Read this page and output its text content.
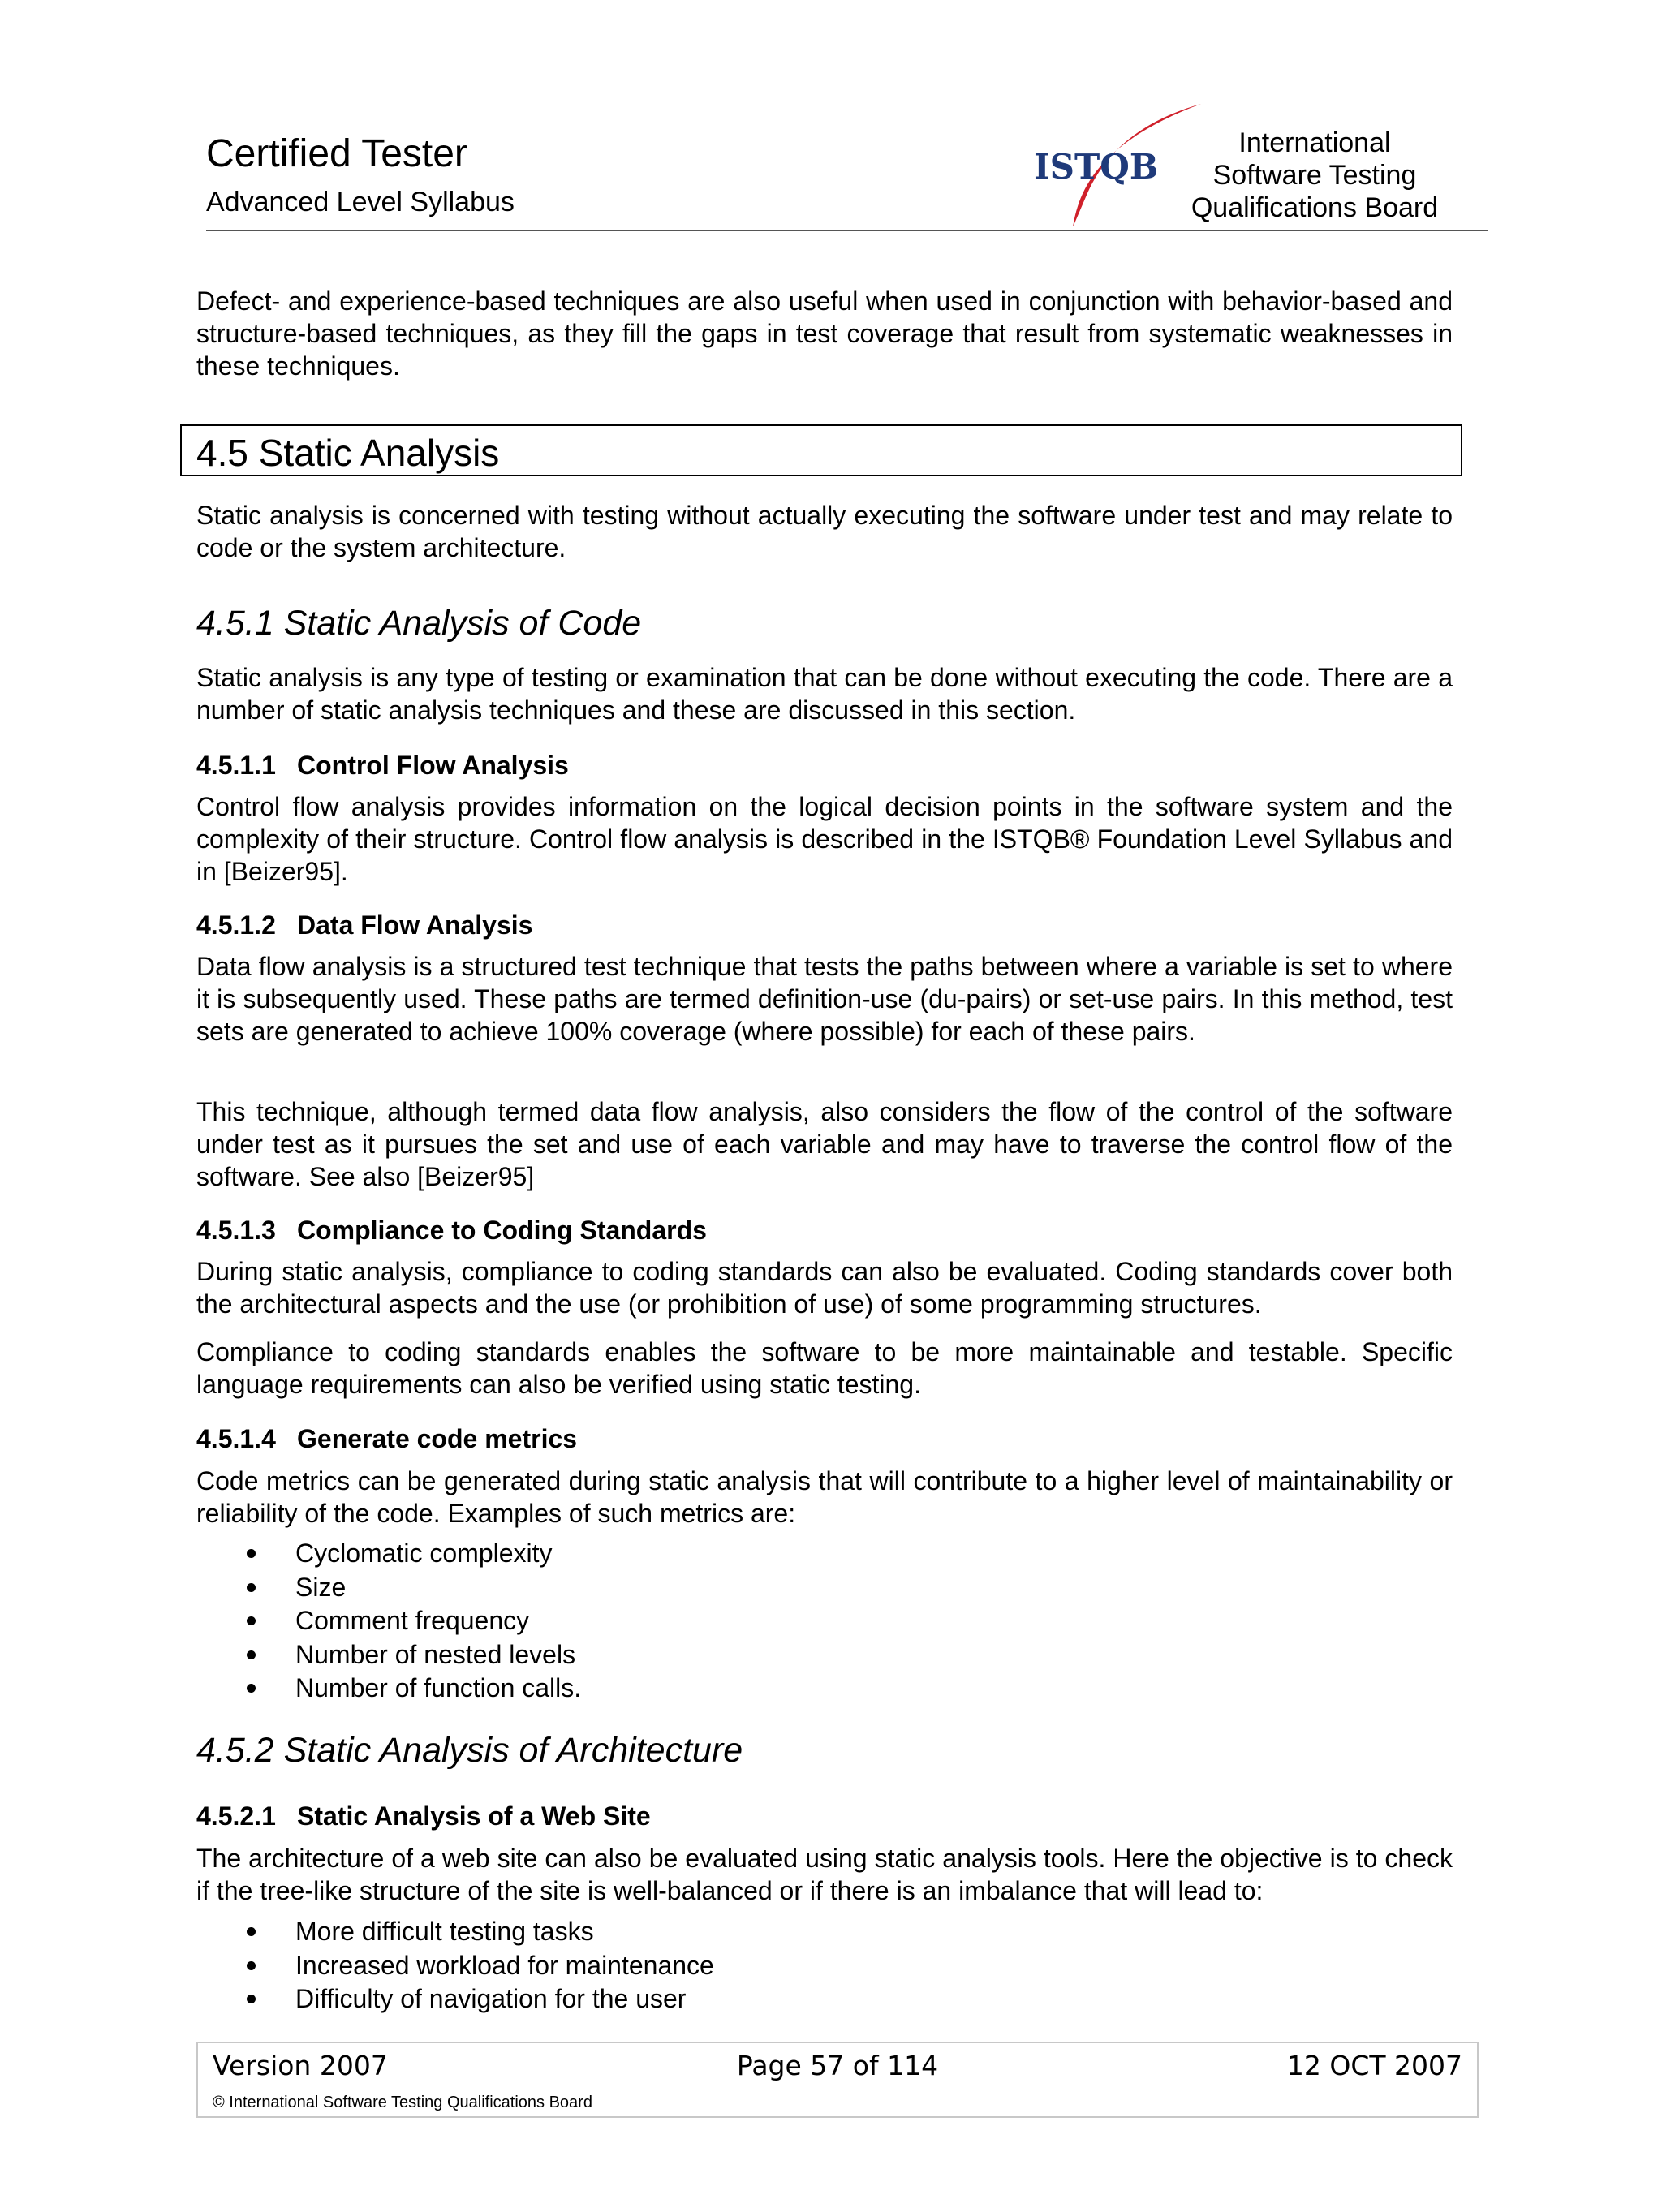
Certified Tester
Advanced Level Syllabus
ISTQB
International
Software Testing
Qualifications Board
Defect- and experience-based techniques are also useful when used in conjunction with behavior-based and structure-based techniques, as they fill the gaps in test coverage that result from systematic weaknesses in these techniques.
4.5 Static Analysis
Static analysis is concerned with testing without actually executing the software under test and may relate to code or the system architecture.
4.5.1 Static Analysis of Code
Static analysis is any type of testing or examination that can be done without executing the code. There are a number of static analysis techniques and these are discussed in this section.
4.5.1.1 Control Flow Analysis
Control flow analysis provides information on the logical decision points in the software system and the complexity of their structure. Control flow analysis is described in the ISTQB® Foundation Level Syllabus and in [Beizer95].
4.5.1.2 Data Flow Analysis
Data flow analysis is a structured test technique that tests the paths between where a variable is set to where it is subsequently used. These paths are termed definition-use (du-pairs) or set-use pairs. In this method, test sets are generated to achieve 100% coverage (where possible) for each of these pairs.
This technique, although termed data flow analysis, also considers the flow of the control of the software under test as it pursues the set and use of each variable and may have to traverse the control flow of the software. See also [Beizer95]
4.5.1.3 Compliance to Coding Standards
During static analysis, compliance to coding standards can also be evaluated. Coding standards cover both the architectural aspects and the use (or prohibition of use) of some programming structures.
Compliance to coding standards enables the software to be more maintainable and testable. Specific language requirements can also be verified using static testing.
4.5.1.4 Generate code metrics
Code metrics can be generated during static analysis that will contribute to a higher level of maintainability or reliability of the code. Examples of such metrics are:
Cyclomatic complexity
Size
Comment frequency
Number of nested levels
Number of function calls.
4.5.2 Static Analysis of Architecture
4.5.2.1 Static Analysis of a Web Site
The architecture of a web site can also be evaluated using static analysis tools. Here the objective is to check if the tree-like structure of the site is well-balanced or if there is an imbalance that will lead to:
More difficult testing tasks
Increased workload for maintenance
Difficulty of navigation for the user
Version 2007	Page 57 of 114	12 OCT 2007
© International Software Testing Qualifications Board
